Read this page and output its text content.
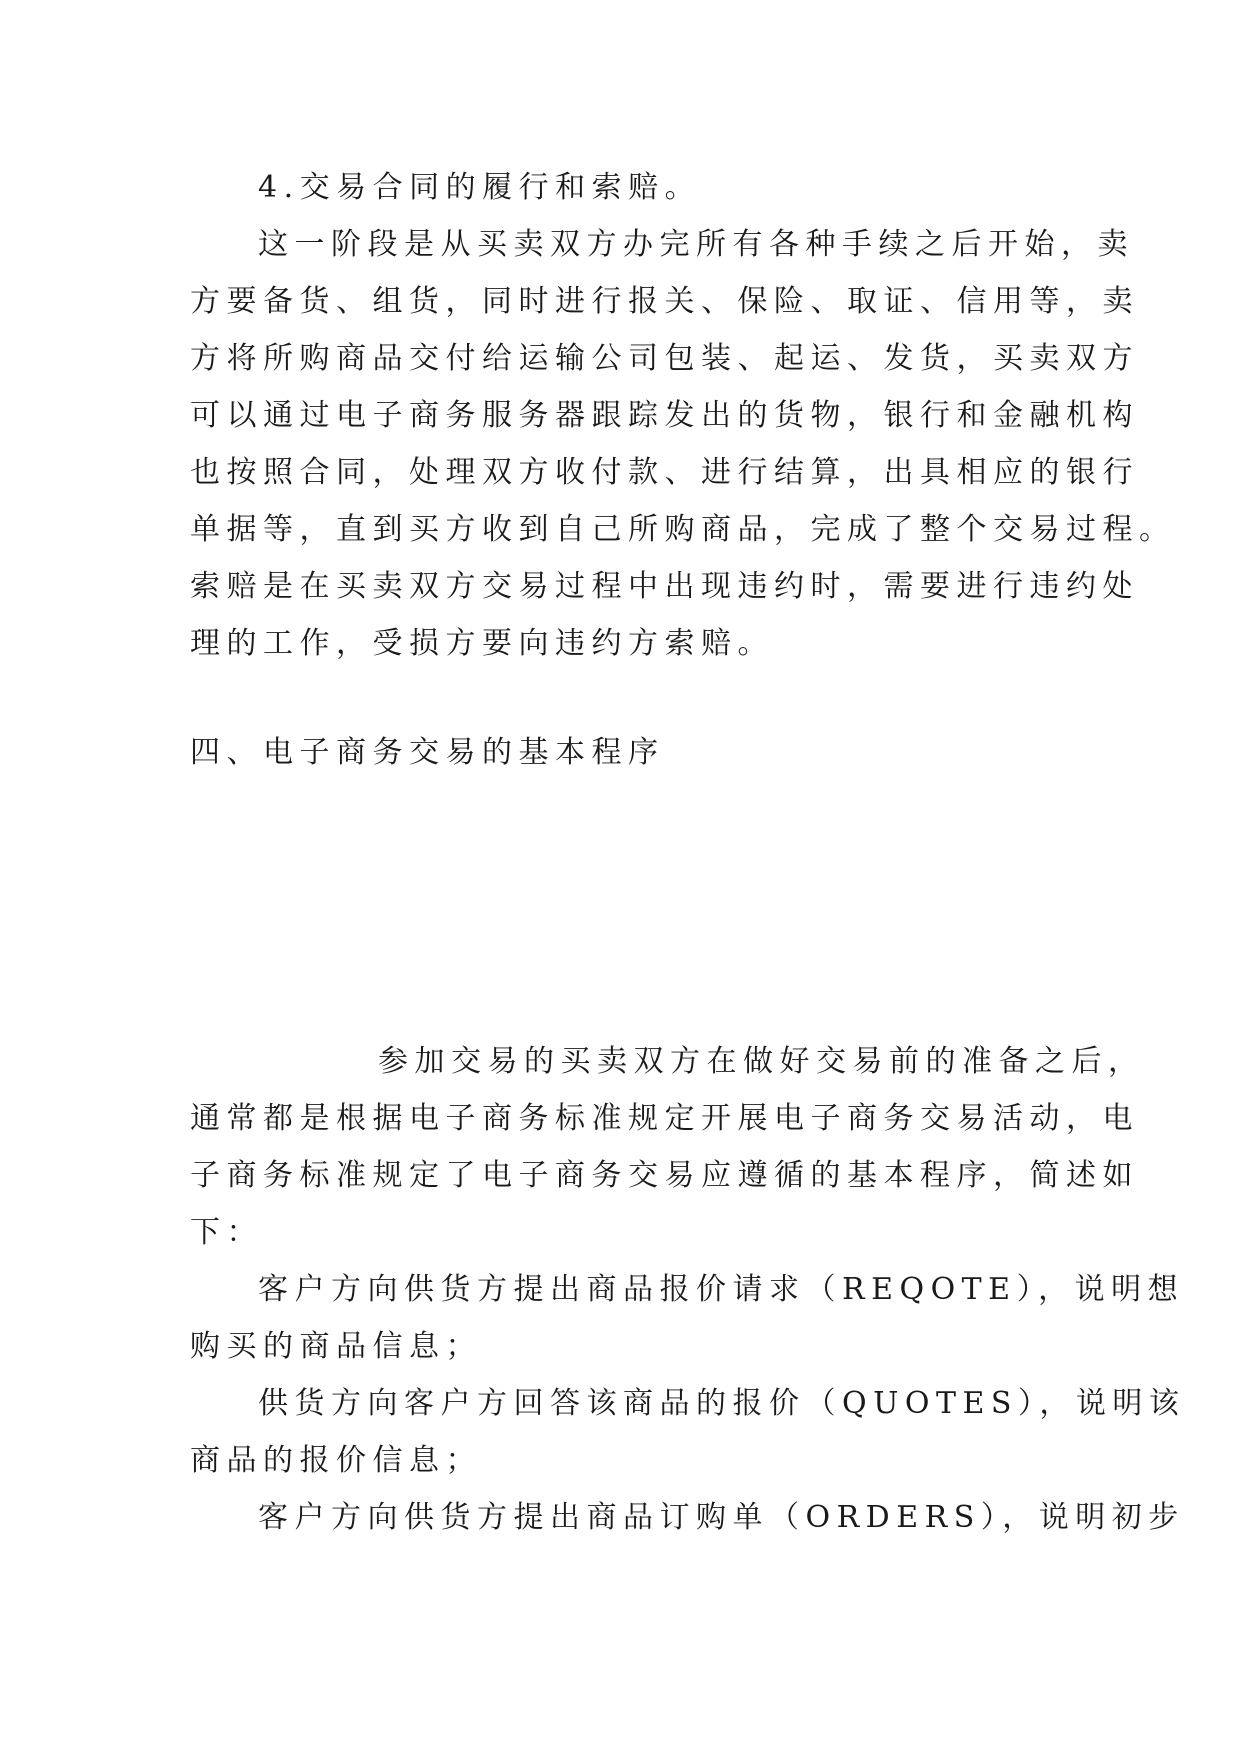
4.交易合同的履行和索赔。
这一阶段是从买卖双方办完所有各种手续之后开始，卖
方要备货、组货，同时进行报关、保险、取证、信用等，卖
方将所购商品交付给运输公司包装、起运、发货，买卖双方
可以通过电子商务服务器跟踪发出的货物，银行和金融机构
也按照合同，处理双方收付款、进行结算，出具相应的银行
单据等，直到买方收到自己所购商品，完成了整个交易过程。
索赔是在买卖双方交易过程中出现违约时，需要进行违约处
理的工作，受损方要向违约方索赔。
四、电子商务交易的基本程序
参加交易的买卖双方在做好交易前的准备之后，
通常都是根据电子商务标准规定开展电子商务交易活动，电
子商务标准规定了电子商务交易应遵循的基本程序，简述如
下：
客户方向供货方提出商品报价请求（REQOTE），说明想
购买的商品信息；
供货方向客户方回答该商品的报价（QUOTES），说明该
商品的报价信息；
客户方向供货方提出商品订购单（ORDERS），说明初步
